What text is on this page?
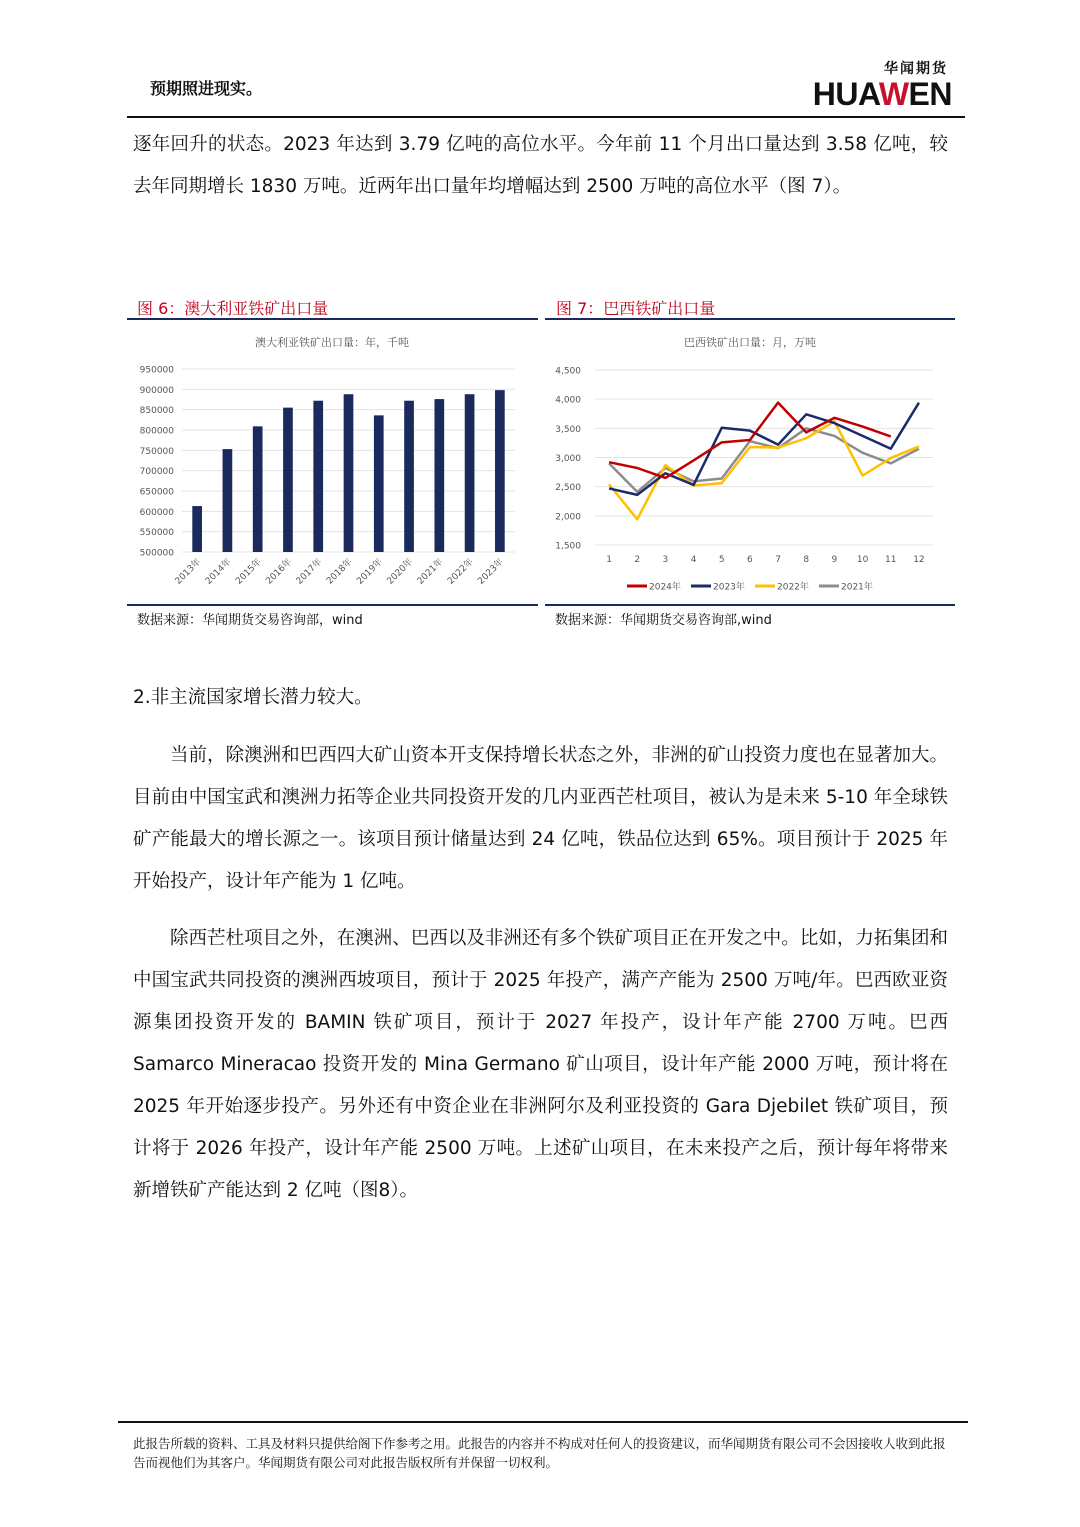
预期照进现实。
华闻期货
HUAWEN
逐年回升的状态。2023 年达到 3.79 亿吨的高位水平。今年前 11 个月出口量达到 3.58 亿吨，较去年同期增长 1830 万吨。近两年出口量年均增幅达到 2500 万吨的高位水平（图 7）。
图 6：澳大利亚铁矿出口量	图 7：巴西铁矿出口量
澳大利亚铁矿出口量：年，千吨
500000
550000
600000
650000
700000
750000
800000
850000
900000
950000
2013年 2014年 2015年 2016年 2017年 2018年 2019年 2020年 2021年 2022年 2023年
巴西铁矿出口量：月，万吨
1,500
2,000
2,500
3,000
3,500
4,000
4,500
1 2 3 4 5 6 7 8 9 10 11 12
2024年	2023年	2022年	2021年
数据来源：华闻期货交易咨询部，wind	数据来源：华闻期货交易咨询部,wind
2.非主流国家增长潜力较大。
当前，除澳洲和巴西四大矿山资本开支保持增长状态之外，非洲的矿山投资力度也在显著加大。目前由中国宝武和澳洲力拓等企业共同投资开发的几内亚西芒杜项目，被认为是未来 5-10 年全球铁矿产能最大的增长源之一。该项目预计储量达到 24 亿吨，铁品位达到 65%。项目预计于 2025 年开始投产，设计年产能为 1 亿吨。
除西芒杜项目之外，在澳洲、巴西以及非洲还有多个铁矿项目正在开发之中。比如，力拓集团和中国宝武共同投资的澳洲西坡项目，预计于 2025 年投产，满产产能为 2500 万吨/年。巴西欧亚资源集团投资开发的 BAMIN 铁矿项目，预计于 2027 年投产，设计年产能 2700 万吨。巴西 Samarco Mineracao 投资开发的 Mina Germano 矿山项目，设计年产能 2000 万吨，预计将在 2025 年开始逐步投产。另外还有中资企业在非洲阿尔及利亚投资的 Gara Djebilet 铁矿项目，预计将于 2026 年投产，设计年产能 2500 万吨。上述矿山项目，在未来投产之后，预计每年将带来新增铁矿产能达到 2 亿吨（图8）。
此报告所载的资料、工具及材料只提供给阁下作参考之用。此报告的内容并不构成对任何人的投资建议，而华闻期货有限公司不会因接收人收到此报告而视他们为其客户。华闻期货有限公司对此报告版权所有并保留一切权利。
